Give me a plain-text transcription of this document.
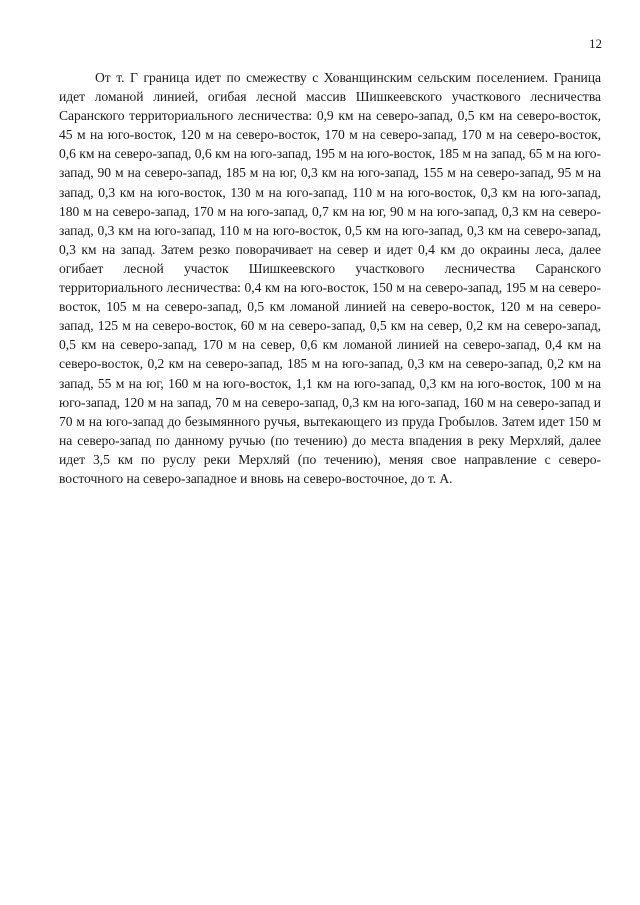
12

От т. Г граница идет по смежеству с Хованщинским сельским поселением. Граница идет ломаной линией, огибая лесной массив Шишкеевского участкового лесничества Саранского территориального лесничества: 0,9 км на северо-запад, 0,5 км на северо-восток, 45 м на юго-восток, 120 м на северо-восток, 170 м на северо-запад, 170 м на северо-восток, 0,6 км на северо-запад, 0,6 км на юго-запад, 195 м на юго-восток, 185 м на запад, 65 м на юго-запад, 90 м на северо-запад, 185 м на юг, 0,3 км на юго-запад, 155 м на северо-запад, 95 м на запад, 0,3 км на юго-восток, 130 м на юго-запад, 110 м на юго-восток, 0,3 км на юго-запад, 180 м на северо-запад, 170 м на юго-запад, 0,7 км на юг, 90 м на юго-запад, 0,3 км на северо-запад, 0,3 км на юго-запад, 110 м на юго-восток, 0,5 км на юго-запад, 0,3 км на северо-запад, 0,3 км на запад. Затем резко поворачивает на север и идет 0,4 км до окраины леса, далее огибает лесной участок Шишкеевского участкового лесничества Саранского территориального лесничества: 0,4 км на юго-восток, 150 м на северо-запад, 195 м на северо-восток, 105 м на северо-запад, 0,5 км ломаной линией на северо-восток, 120 м на северо-запад, 125 м на северо-восток, 60 м на северо-запад, 0,5 км на север, 0,2 км на северо-запад, 0,5 км на северо-запад, 170 м на север, 0,6 км ломаной линией на северо-запад, 0,4 км на северо-восток, 0,2 км на северо-запад, 185 м на юго-запад, 0,3 км на северо-запад, 0,2 км на запад, 55 м на юг, 160 м на юго-восток, 1,1 км на юго-запад, 0,3 км на юго-восток, 100 м на юго-запад, 120 м на запад, 70 м на северо-запад, 0,3 км на юго-запад, 160 м на северо-запад и 70 м на юго-запад до безымянного ручья, вытекающего из пруда Гробылов. Затем идет 150 м на северо-запад по данному ручью (по течению) до места впадения в реку Мерхляй, далее идет 3,5 км по руслу реки Мерхляй (по течению), меняя свое направление с северо-восточного на северо-западное и вновь на северо-восточное, до т. А.
